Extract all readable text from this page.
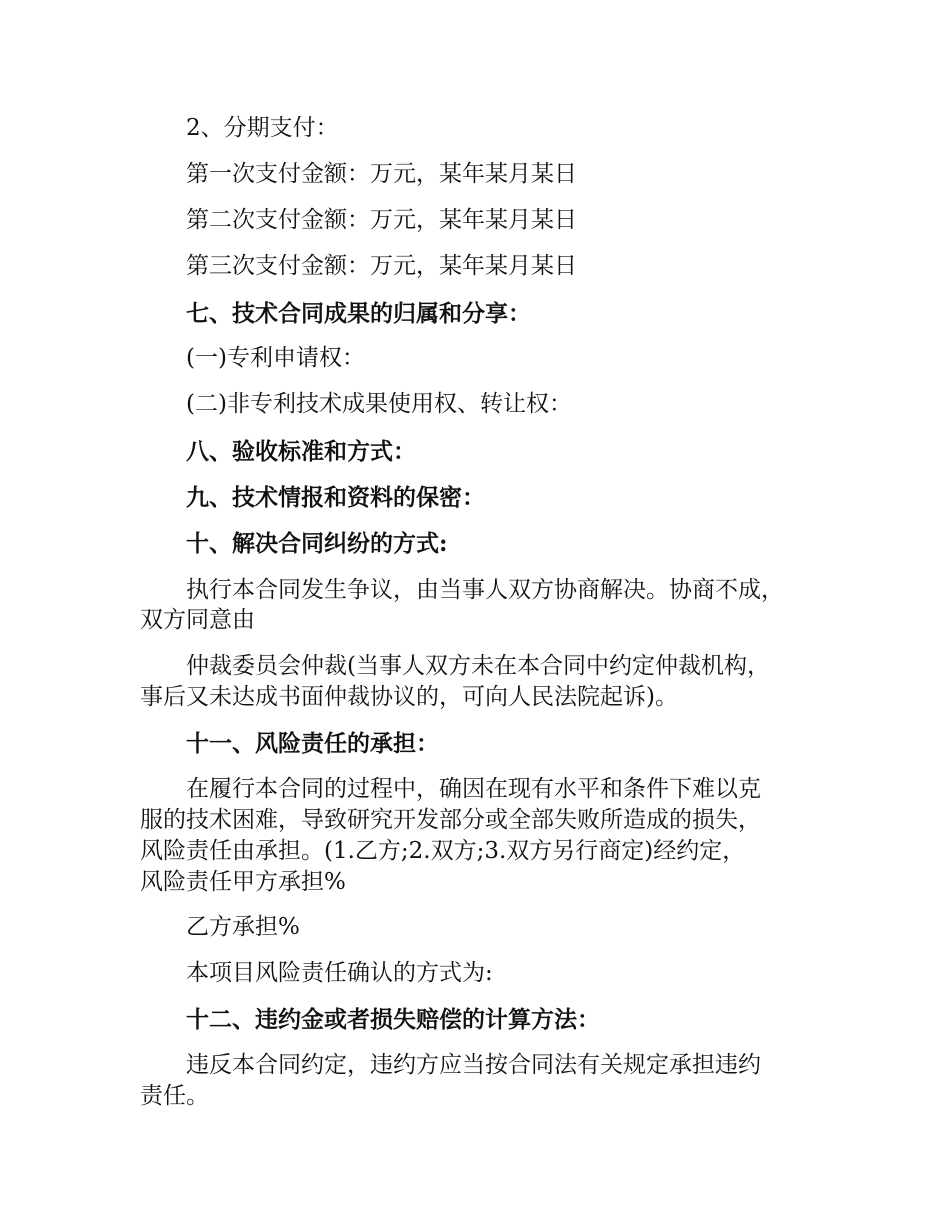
2、分期支付：
第一次支付金额：万元，某年某月某日
第二次支付金额：万元，某年某月某日
第三次支付金额：万元，某年某月某日
七、技术合同成果的归属和分享：
(一)专利申请权：
(二)非专利技术成果使用权、转让权：
八、验收标准和方式：
九、技术情报和资料的保密：
十、解决合同纠纷的方式:
执行本合同发生争议，由当事人双方协商解决。协商不成，
双方同意由
仲裁委员会仲裁(当事人双方未在本合同中约定仲裁机构，
事后又未达成书面仲裁协议的，可向人民法院起诉)。
十一、风险责任的承担：
在履行本合同的过程中，确因在现有水平和条件下难以克
服的技术困难，导致研究开发部分或全部失败所造成的损失，
风险责任由承担。(1.乙方;2.双方;3.双方另行商定)经约定，
风险责任甲方承担%
乙方承担%
本项目风险责任确认的方式为:
十二、违约金或者损失赔偿的计算方法：
违反本合同约定，违约方应当按合同法有关规定承担违约
责任。
